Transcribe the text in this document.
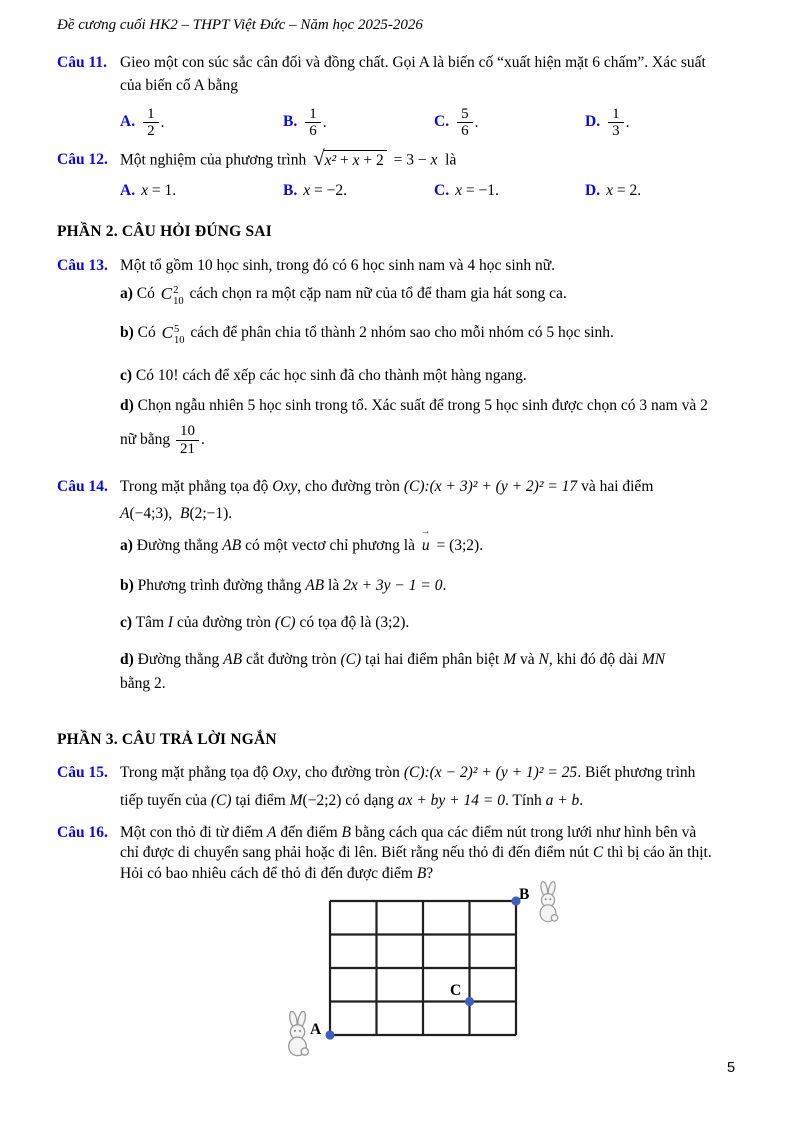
Đề cương cuối HK2 – THPT Việt Đức – Năm học 2025-2026
Câu 11. Gieo một con súc sắc cân đối và đồng chất. Gọi A là biến cố “xuất hiện mặt 6 chấm”. Xác suất
của biến cố A bằng
A. $\frac{1}{2}$ .	B. $\frac{1}{6}$ .	C. $\frac{5}{6}$ .	D. $\frac{1}{3}$ .
Câu 12. Một nghiệm của phương trình √ x² + x + 2 = 3 − x  là
A. x = 1.	B. x = −2.	C. x = −1.	D. x = 2.
PHẦN 2. CÂU HỎI ĐÚNG SAI
Câu 13. Một tổ gồm 10 học sinh, trong đó có 6 học sinh nam và 4 học sinh nữ.
a) Có C 2
10 cách chọn ra một cặp nam nữ của tổ để tham gia hát song ca.
b) Có C 5
10 cách để phân chia tổ thành 2 nhóm sao cho mỗi nhóm có 5 học sinh.
c) Có 10! cách để xếp các học sinh đã cho thành một hàng ngang.
d) Chọn ngẫu nhiên 5 học sinh trong tổ. Xác suất để trong 5 học sinh được chọn có 3 nam và 2
nữ bằng $\frac{10}{21}$ .
Câu 14. Trong mặt phẳng tọa độ Oxy, cho đường tròn (C):(x + 3)² + (y + 2)² = 17 và hai điểm
A(−4;3),  B(2;−1).
a) Đường thẳng AB có một vectơ chỉ phương là
→
u = (3;2).
b) Phương trình đường thẳng AB là 2x + 3y − 1 = 0.
c) Tâm I của đường tròn (C) có tọa độ là (3;2).
d) Đường thẳng AB cắt đường tròn (C) tại hai điểm phân biệt M và N, khi đó độ dài MN
bằng 2.
PHẦN 3. CÂU TRẢ LỜI NGẮN
Câu 15. Trong mặt phẳng tọa độ Oxy, cho đường tròn (C):(x − 2)² + (y + 1)² = 25. Biết phương trình
tiếp tuyến của (C) tại điểm M(−2;2) có dạng ax + by + 14 = 0. Tính a + b.
Câu 16. Một con thỏ đi từ điểm A đến điểm B bằng cách qua các điểm nút trong lưới như hình bên và
chỉ được di chuyển sang phải hoặc đi lên. Biết rằng nếu thỏ đi đến điểm nút C thì bị cáo ăn thịt.
Hỏi có bao nhiêu cách để thỏ đi đến được điểm B?
A
B
C
5
